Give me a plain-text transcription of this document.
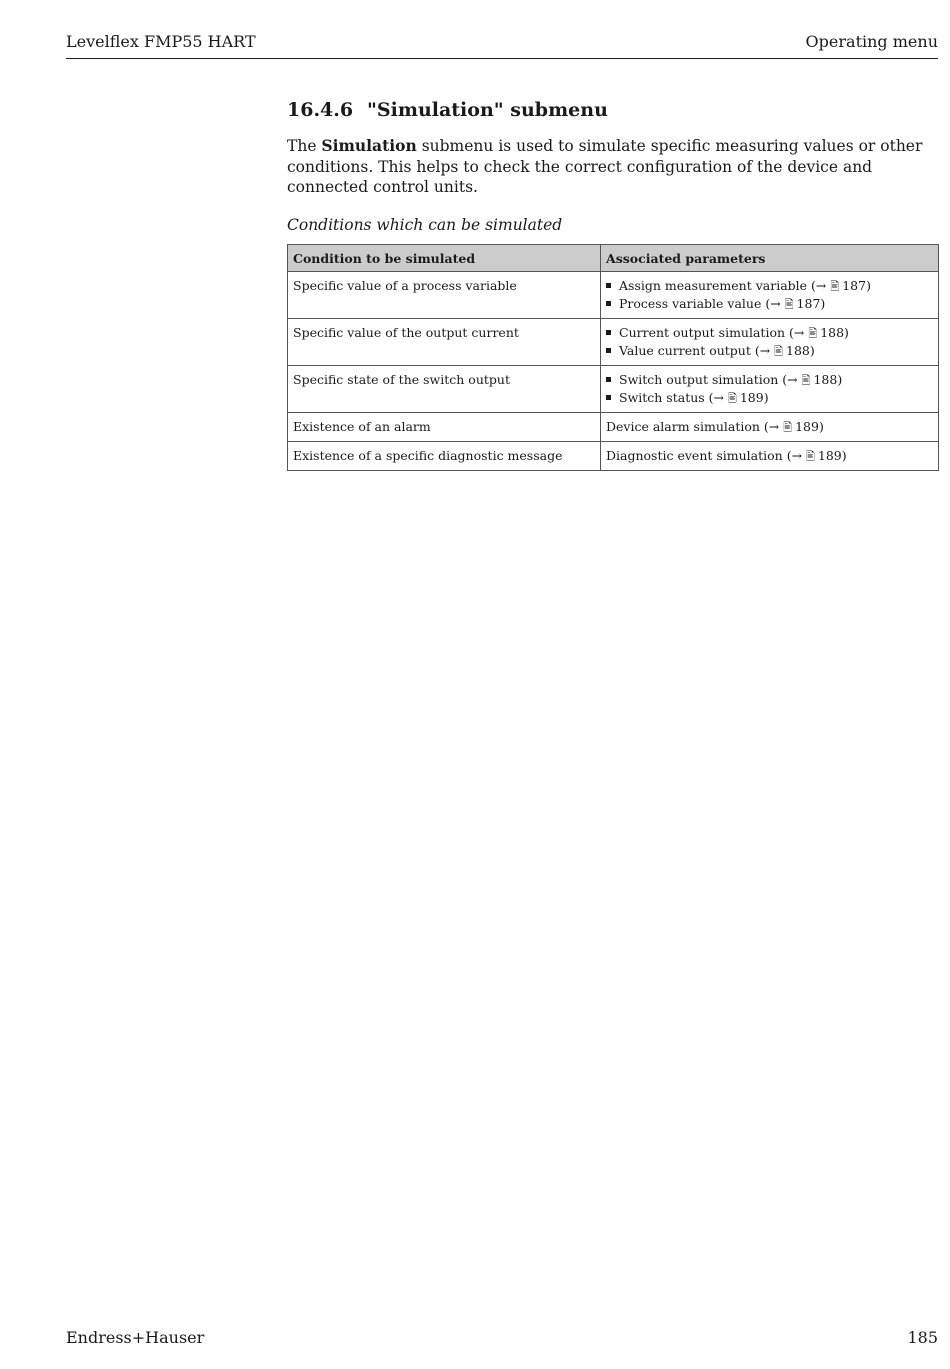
Levelflex FMP55 HART	Operating menu
16.4.6 "Simulation" submenu

The Simulation submenu is used to simulate specific measuring values or other conditions. This helps to check the correct configuration of the device and connected control units.

Conditions which can be simulated

Condition to be simulated	Associated parameters
Specific value of a process variable	Assign measurement variable (→ 🖹 187)
Process variable value (→ 🖹 187)

Specific value of the output current	Current output simulation (→ 🖹 188)
Value current output (→ 🖹 188)

Specific state of the switch output	Switch output simulation (→ 🖹 188)
Switch status (→ 🖹 189)

Existence of an alarm	Device alarm simulation (→ 🖹 189)
Existence of a specific diagnostic message	Diagnostic event simulation (→ 🖹 189)
Endress+Hauser	185
